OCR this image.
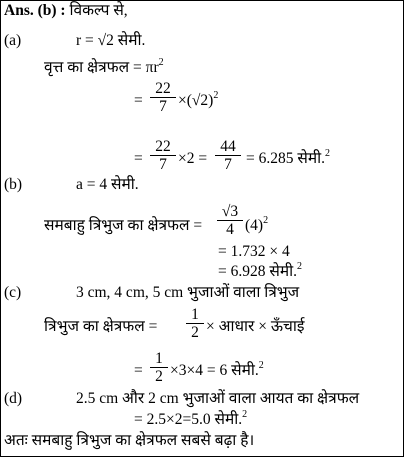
Ans. (b) : विकल्प से,
(a)	r = √2 सेमी.
वृत्त का क्षेत्रफल = $\pi r^2$
= $\frac{22}{7} \times(√2)^2$
= $\frac{22}{7} \times 2 = \frac{44}{7} = 6.285$ सेमी.$^2$
(b)	a = 4 सेमी.
समबाहु त्रिभुज का क्षेत्रफल = $\frac{√3}{4} (4)^2$
= 1.732 × 4
= 6.928 सेमी.$^2$
(c)	3 cm, 4 cm, 5 cm भुजाओं वाला त्रिभुज
त्रिभुज का क्षेत्रफल = $\frac{1}{2}$ × आधार × ऊँचाई
= $\frac{1}{2} \times 3\times 4 = 6$ सेमी.$^2$
(d)	2.5 cm और 2 cm भुजाओं वाला आयत का क्षेत्रफल
= 2.5×2=5.0 सेमी.$^2$
अतः समबाहु त्रिभुज का क्षेत्रफल सबसे बढ़ा है।
